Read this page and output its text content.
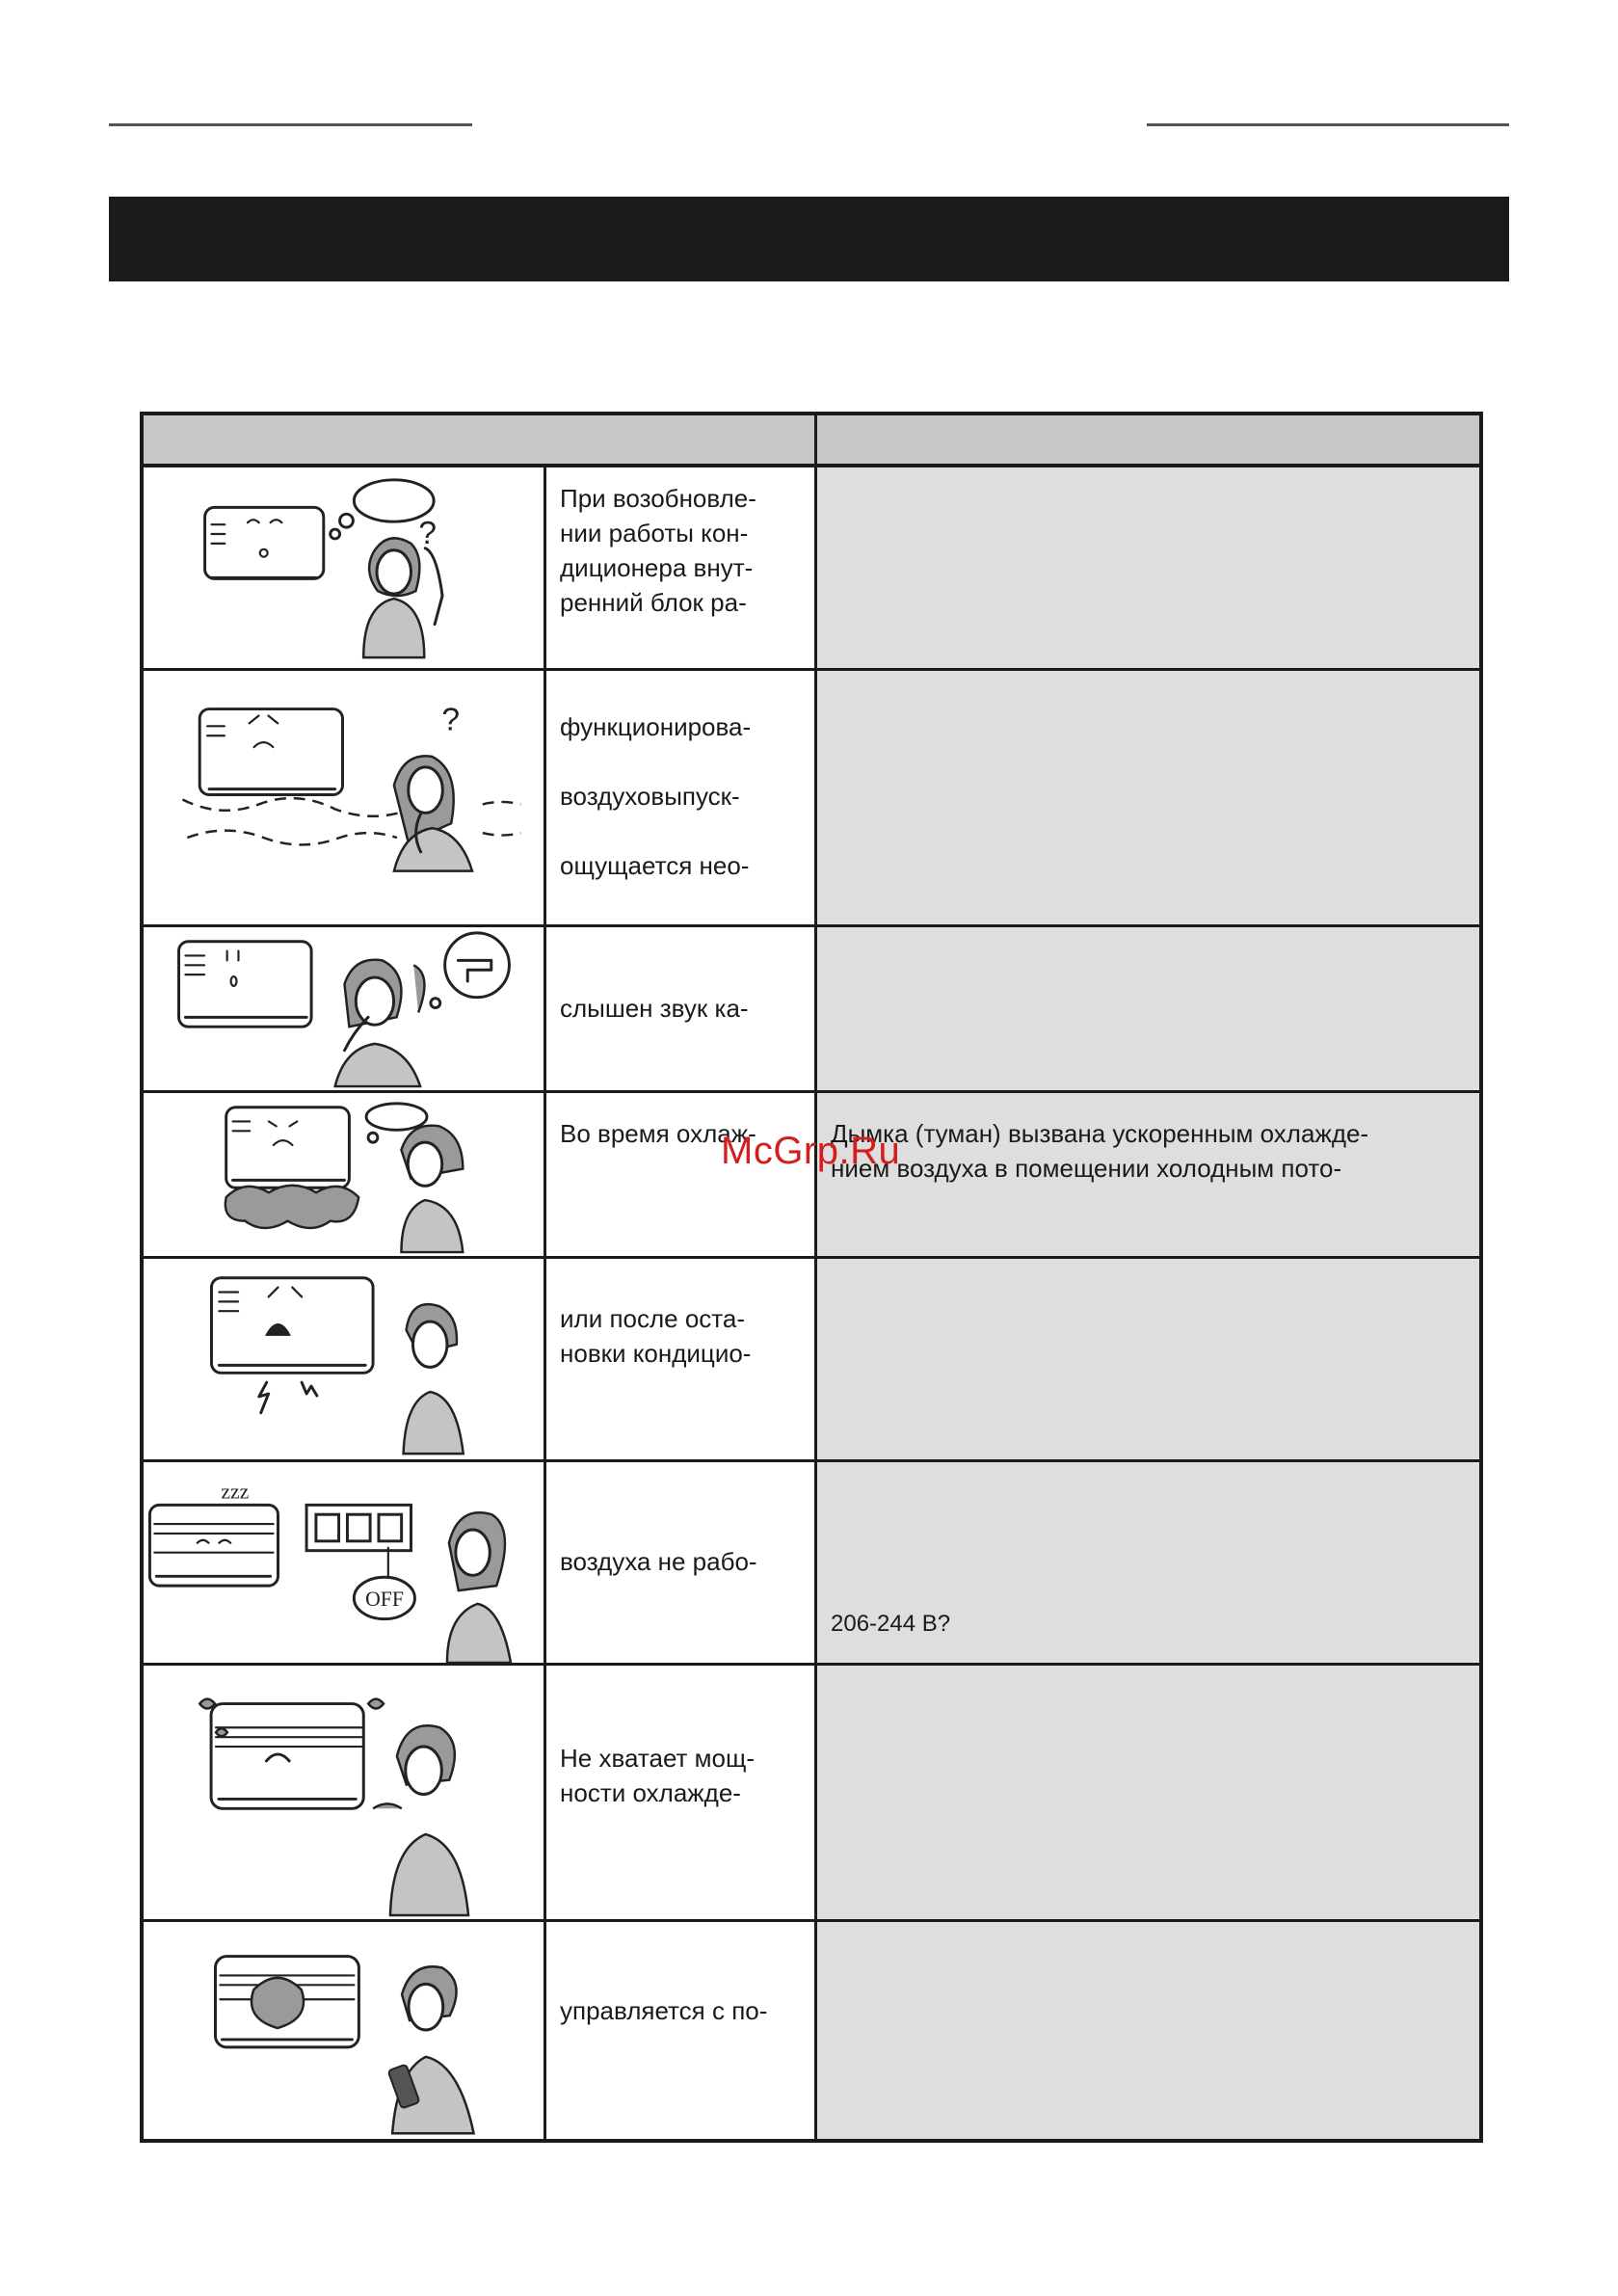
?
При возобновле-
нии работы кон-
диционера внут-
ренний блок ра-
?	функционирова-
воздуховыпуск-
ощущается нео-
слышен звук ка-
Во время охлаж-	Дымка (туман) вызвана ускоренным охлажде-
нием воздуха в помещении холодным пото-
или после оста-
новки кондицио-
zzz
OFF
воздуха не рабо-
206-244 В?
Не хватает мощ-
ности охлажде-
управляется с по-
McGrp.Ru
